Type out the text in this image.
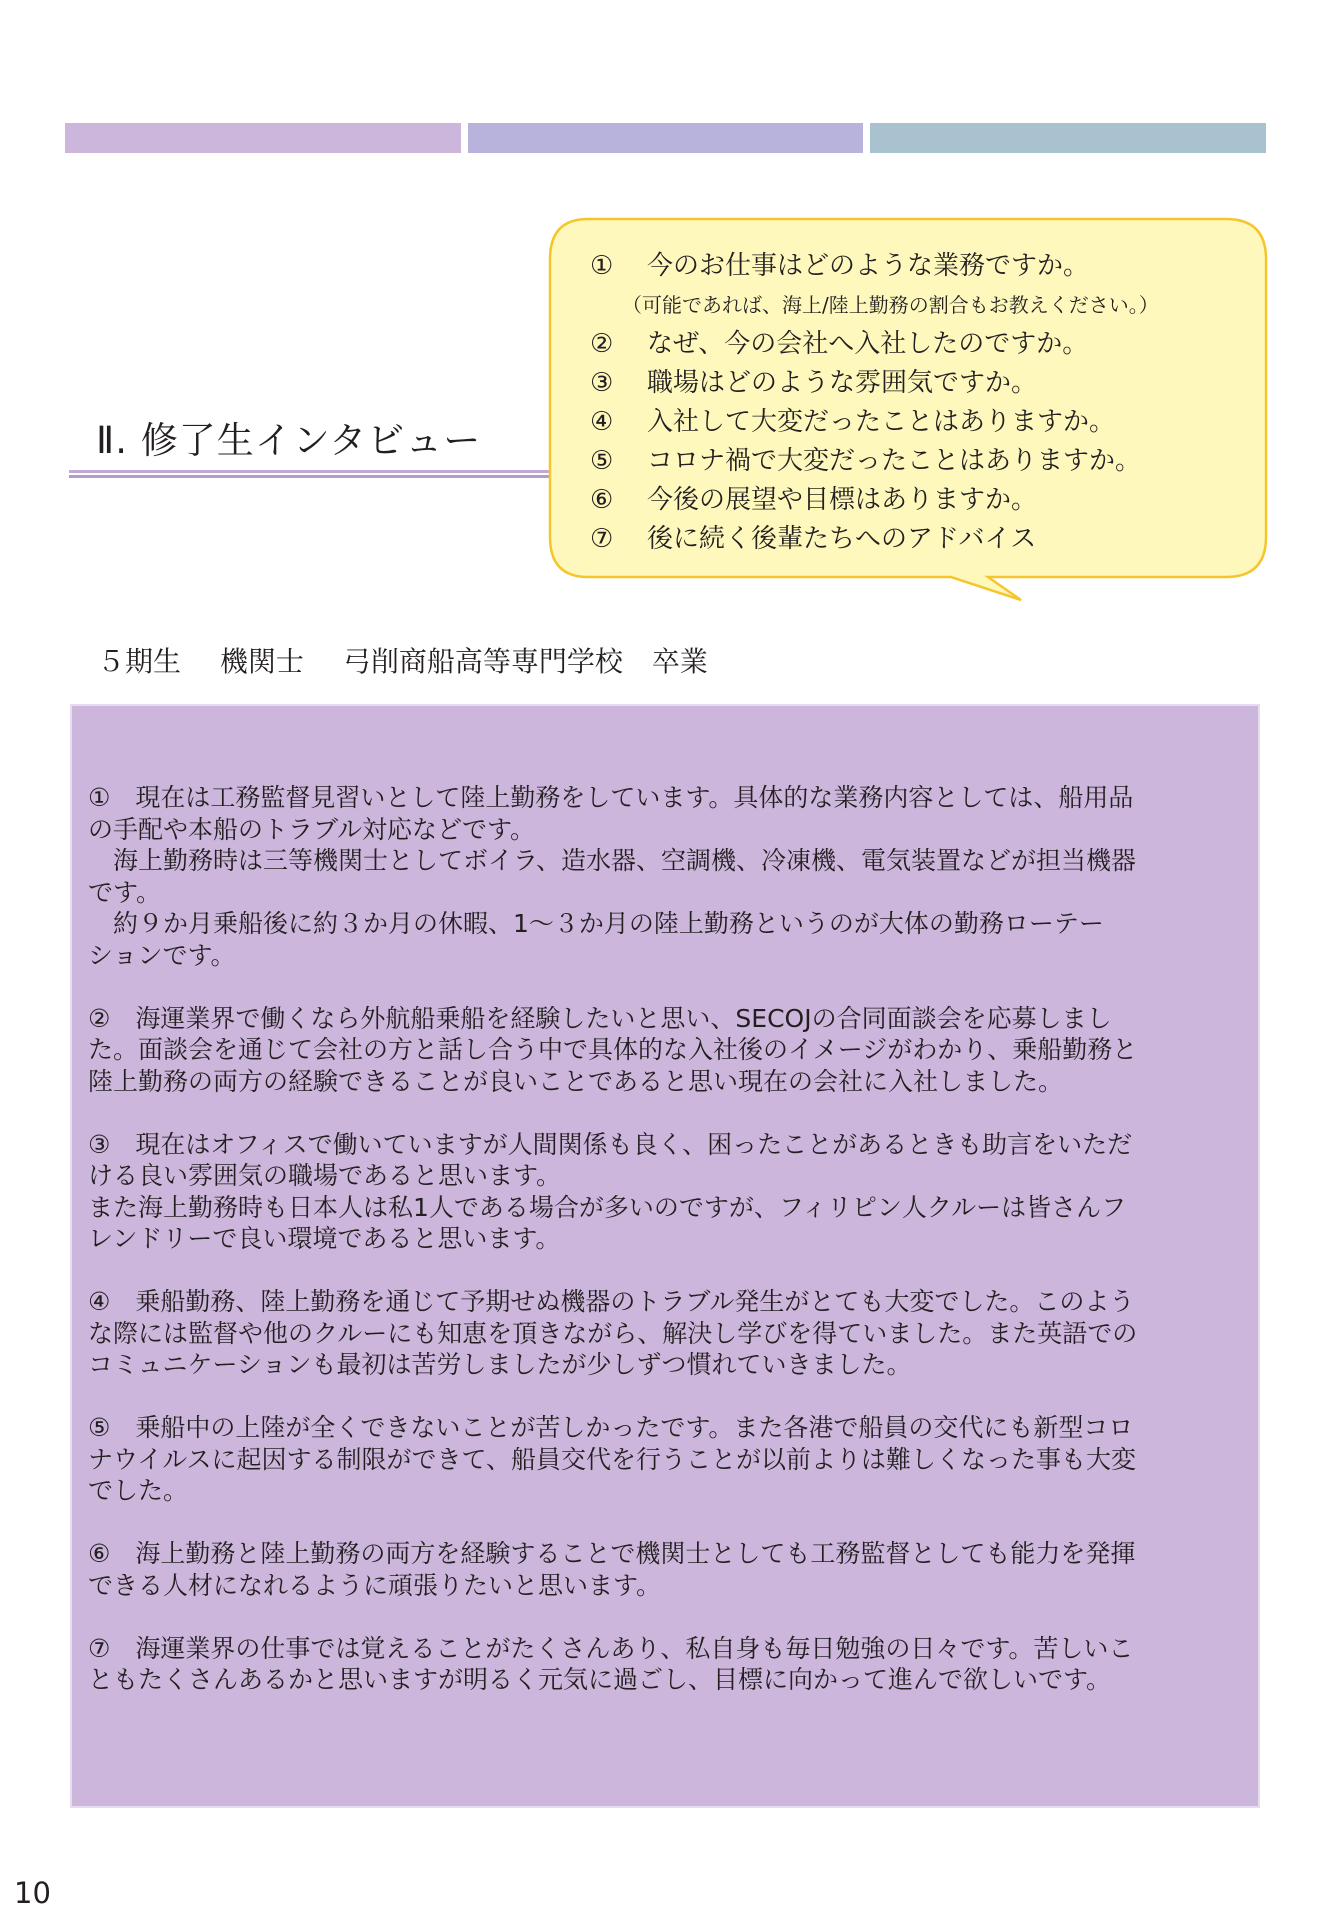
Ⅱ. 修了生インタビュー
①	今のお仕事はどのような業務ですか。
（可能であれば、海上/陸上勤務の割合もお教えください。）
②	なぜ、今の会社へ入社したのですか。
③	職場はどのような雰囲気ですか。
④	入社して大変だったことはありますか。
⑤	コロナ禍で大変だったことはありますか。
⑥	今後の展望や目標はありますか。
⑦	後に続く後輩たちへのアドバイス
５期生 機関士 弓削商船高等専門学校 卒業

①　現在は工務監督見習いとして陸上勤務をしています。具体的な業務内容としては、船用品

の手配や本船のトラブル対応などです。

　海上勤務時は三等機関士としてボイラ、造水器、空調機、冷凍機、電気装置などが担当機器

です。

　約９か月乗船後に約３か月の休暇、1～３か月の陸上勤務というのが大体の勤務ローテー

ションです。

②　海運業界で働くなら外航船乗船を経験したいと思い、SECOJの合同面談会を応募しまし

た。面談会を通じて会社の方と話し合う中で具体的な入社後のイメージがわかり、乗船勤務と

陸上勤務の両方の経験できることが良いことであると思い現在の会社に入社しました。

③　現在はオフィスで働いていますが人間関係も良く、困ったことがあるときも助言をいただ

ける良い雰囲気の職場であると思います。

また海上勤務時も日本人は私1人である場合が多いのですが、フィリピン人クルーは皆さんフ

レンドリーで良い環境であると思います。

④　乗船勤務、陸上勤務を通じて予期せぬ機器のトラブル発生がとても大変でした。このよう

な際には監督や他のクルーにも知恵を頂きながら、解決し学びを得ていました。また英語での

コミュニケーションも最初は苦労しましたが少しずつ慣れていきました。

⑤　乗船中の上陸が全くできないことが苦しかったです。また各港で船員の交代にも新型コロ

ナウイルスに起因する制限ができて、船員交代を行うことが以前よりは難しくなった事も大変

でした。

⑥　海上勤務と陸上勤務の両方を経験することで機関士としても工務監督としても能力を発揮

できる人材になれるように頑張りたいと思います。

⑦　海運業界の仕事では覚えることがたくさんあり、私自身も毎日勉強の日々です。苦しいこ

ともたくさんあるかと思いますが明るく元気に過ごし、目標に向かって進んで欲しいです。

10
